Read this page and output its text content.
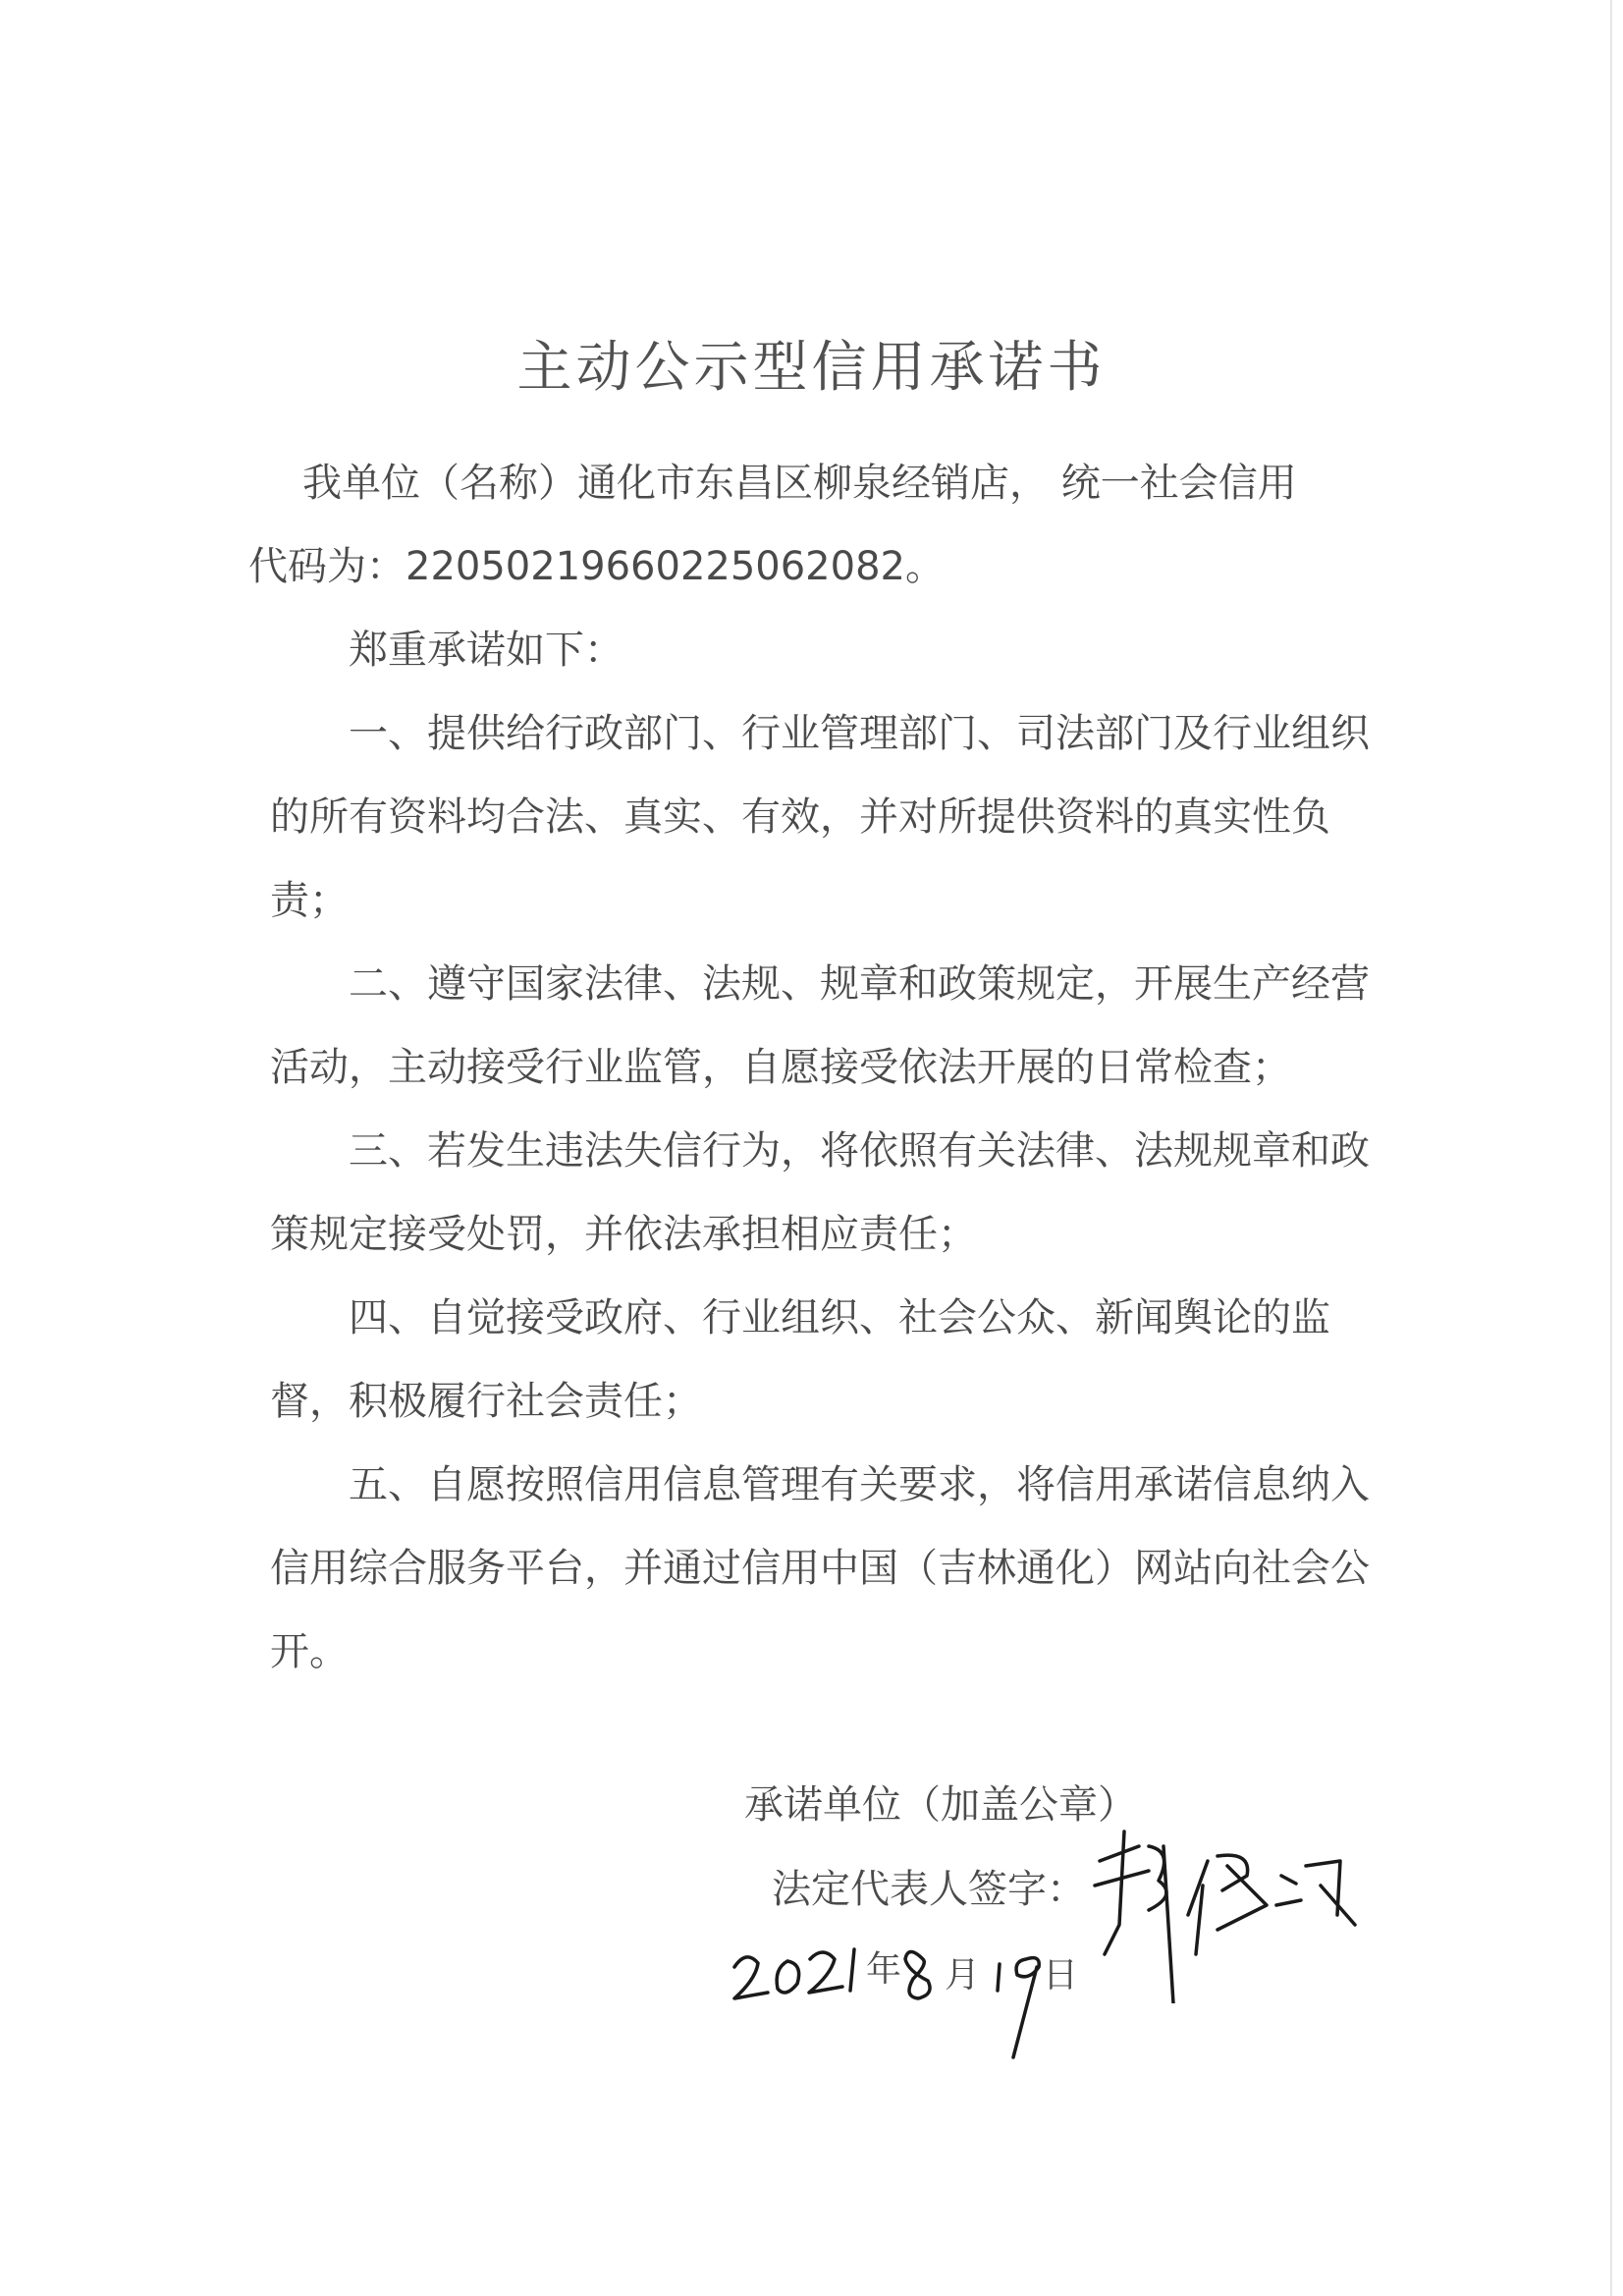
主动公示型信用承诺书

我单位（名称）通化市东昌区柳泉经销店， 统一社会信用
代码为：22050219660225062082。

郑重承诺如下：

一、提供给行政部门、行业管理部门、司法部门及行业组织的所有资料均合法、真实、有效，并对所提供资料的真实性负责；

二、遵守国家法律、法规、规章和政策规定，开展生产经营活动，主动接受行业监管，自愿接受依法开展的日常检查；

三、若发生违法失信行为，将依照有关法律、法规规章和政策规定接受处罚，并依法承担相应责任；

四、自觉接受政府、行业组织、社会公众、新闻舆论的监督，积极履行社会责任；

五、自愿按照信用信息管理有关要求，将信用承诺信息纳入信用综合服务平台，并通过信用中国（吉林通化）网站向社会公开。

承诺单位（加盖公章）
法定代表人签字：
年 月 日
